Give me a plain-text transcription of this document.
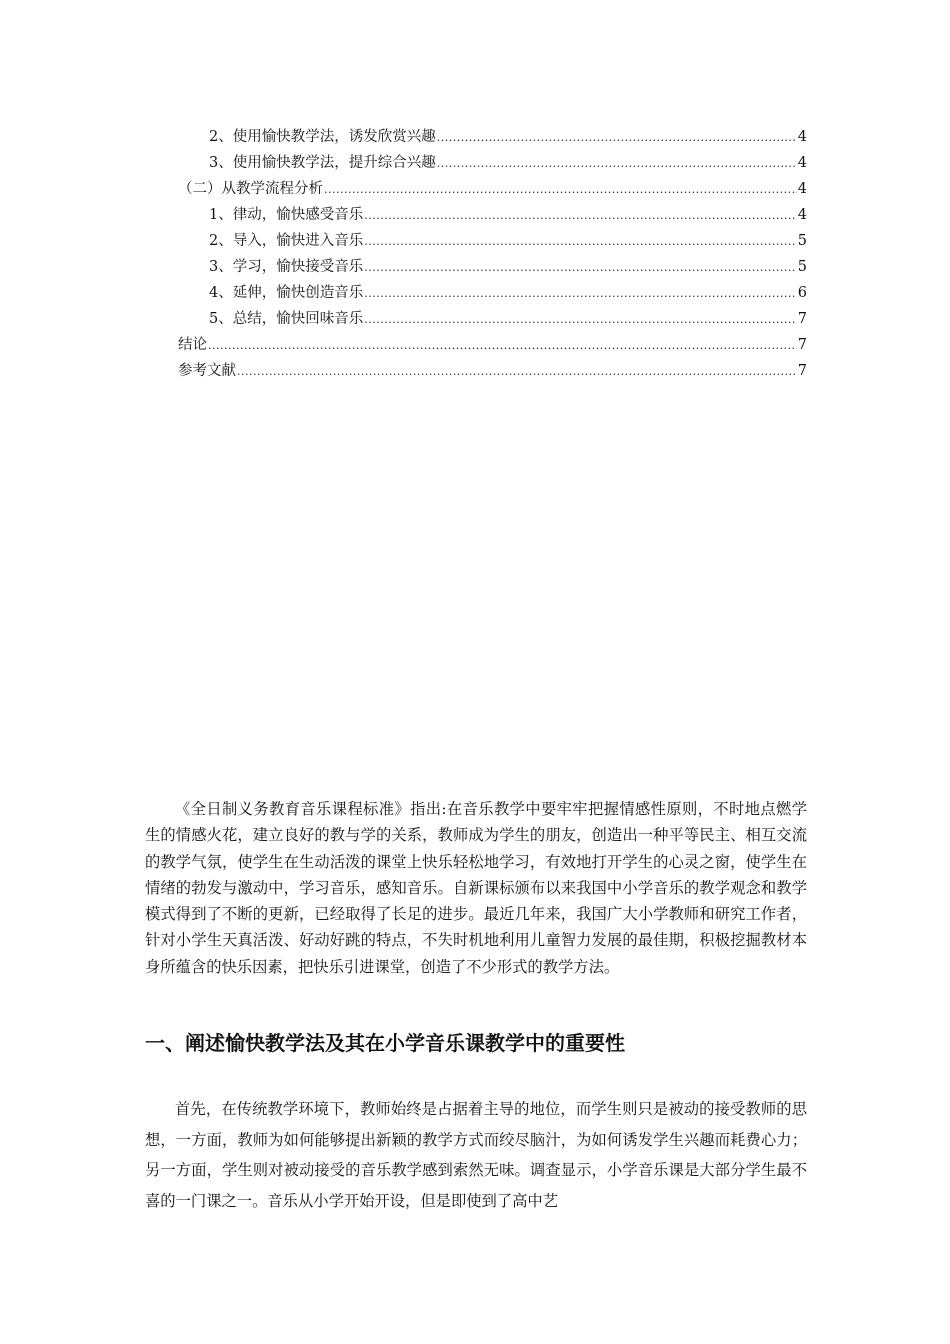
2、使用愉快教学法，诱发欣赏兴趣 .....	4
3、使用愉快教学法，提升综合兴趣 .....	4
（二）从教学流程分析 .....	4
1、律动，愉快感受音乐 .....	4
2、导入，愉快进入音乐 .....	5
3、学习，愉快接受音乐 .....	5
4、延伸，愉快创造音乐 .....	6
5、总结，愉快回味音乐 .....	7
结论 .....	7
参考文献 .....	7

《全日制义务教育音乐课程标准》指出:在音乐教学中要牢牢把握情感性原则，不时地点燃学生的情感火花，建立良好的教与学的关系，教师成为学生的朋友，创造出一种平等民主、相互交流的教学气氛，使学生在生动活泼的课堂上快乐轻松地学习，有效地打开学生的心灵之窗，使学生在情绪的勃发与激动中，学习音乐，感知音乐。自新课标颁布以来我国中小学音乐的教学观念和教学模式得到了不断的更新，已经取得了长足的进步。最近几年来，我国广大小学教师和研究工作者，针对小学生天真活泼、好动好跳的特点，不失时机地利用儿童智力发展的最佳期，积极挖掘教材本身所蕴含的快乐因素，把快乐引进课堂，创造了不少形式的教学方法。

一、阐述愉快教学法及其在小学音乐课教学中的重要性

首先，在传统教学环境下，教师始终是占据着主导的地位，而学生则只是被动的接受教师的思想，一方面，教师为如何能够提出新颖的教学方式而绞尽脑汁，为如何诱发学生兴趣而耗费心力；另一方面，学生则对被动接受的音乐教学感到索然无味。调查显示，小学音乐课是大部分学生最不喜的一门课之一。音乐从小学开始开设，但是即使到了高中艺
